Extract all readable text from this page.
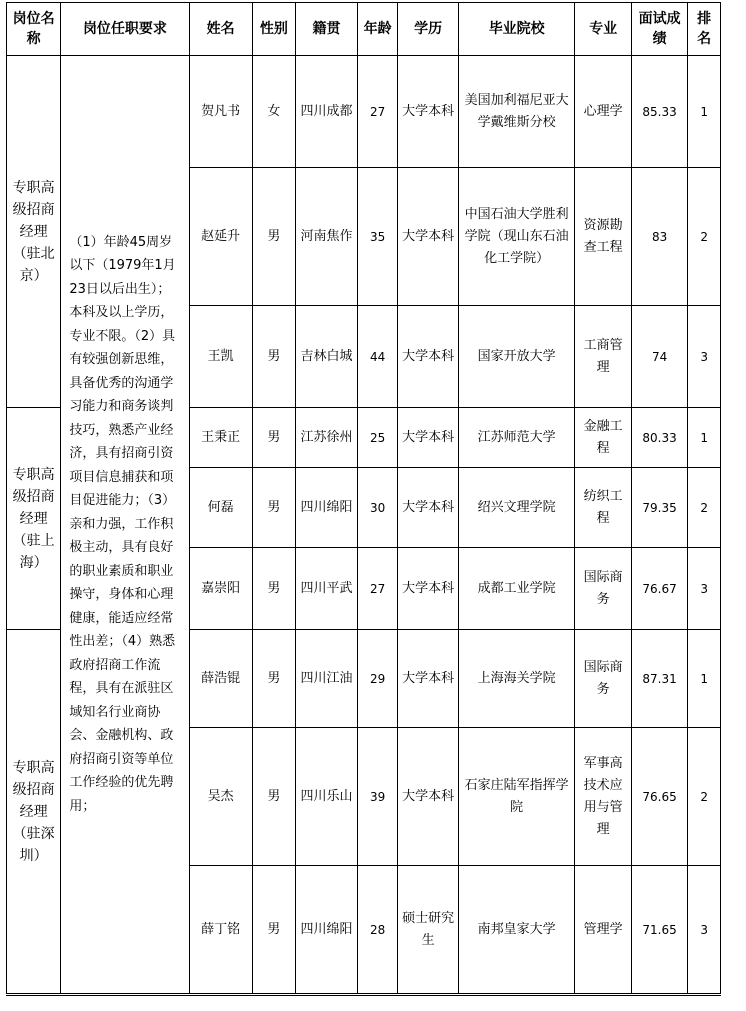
岗位名称	岗位任职要求	姓名	性别	籍贯	年龄	学历	毕业院校	专业	面试成绩	排名
专职高级招商经理（驻北京）	（1）年龄45周岁以下（1979年1月23日以后出生）；本科及以上学历，专业不限。（2）具有较强创新思维，具备优秀的沟通学习能力和商务谈判技巧，熟悉产业经济，具有招商引资项目信息捕获和项目促进能力；（3）亲和力强，工作积极主动，具有良好的职业素质和职业操守，身体和心理健康，能适应经常性出差；（4）熟悉政府招商工作流程，具有在派驻区域知名行业商协会、金融机构、政府招商引资等单位工作经验的优先聘用；	贺凡书	女	四川成都	27	大学本科	美国加利福尼亚大学戴维斯分校	心理学	85.33	1
		赵延升	男	河南焦作	35	大学本科	中国石油大学胜利学院（现山东石油化工学院）	资源勘查工程	83	2
		王凯	男	吉林白城	44	大学本科	国家开放大学	工商管理	74	3
专职高级招商经理（驻上海）		王秉正	男	江苏徐州	25	大学本科	江苏师范大学	金融工程	80.33	1
		何磊	男	四川绵阳	30	大学本科	绍兴文理学院	纺织工程	79.35	2
		嘉崇阳	男	四川平武	27	大学本科	成都工业学院	国际商务	76.67	3
专职高级招商经理（驻深圳）		薛浩锟	男	四川江油	29	大学本科	上海海关学院	国际商务	87.31	1
		吴杰	男	四川乐山	39	大学本科	石家庄陆军指挥学院	军事高技术应用与管理	76.65	2
		薛丁铭	男	四川绵阳	28	硕士研究生	南邦皇家大学	管理学	71.65	3
